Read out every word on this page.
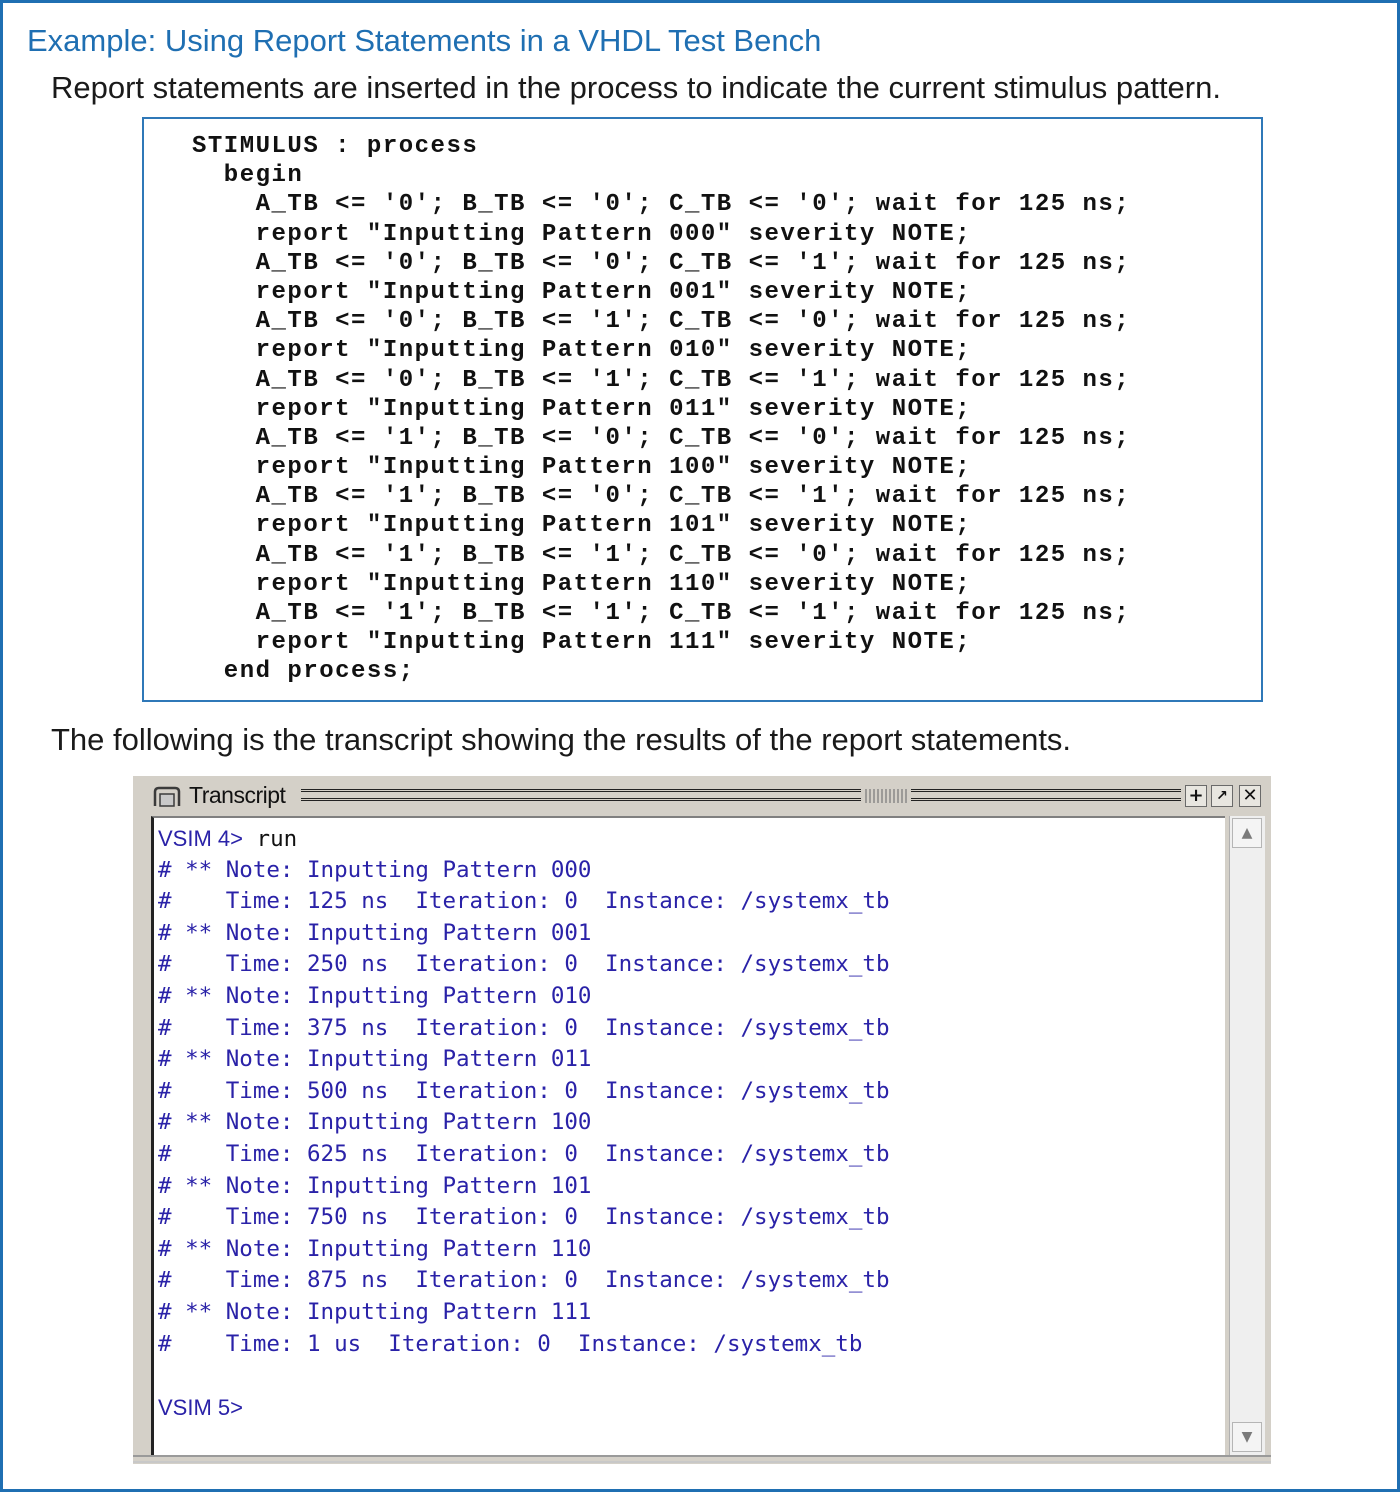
Example: Using Report Statements in a VHDL Test Bench
Report statements are inserted in the process to indicate the current stimulus pattern.
STIMULUS : process
begin
A_TB <= '0'; B_TB <= '0'; C_TB <= '0'; wait for 125 ns;
report "Inputting Pattern 000" severity NOTE;
A_TB <= '0'; B_TB <= '0'; C_TB <= '1'; wait for 125 ns;
report "Inputting Pattern 001" severity NOTE;
A_TB <= '0'; B_TB <= '1'; C_TB <= '0'; wait for 125 ns;
report "Inputting Pattern 010" severity NOTE;
A_TB <= '0'; B_TB <= '1'; C_TB <= '1'; wait for 125 ns;
report "Inputting Pattern 011" severity NOTE;
A_TB <= '1'; B_TB <= '0'; C_TB <= '0'; wait for 125 ns;
report "Inputting Pattern 100" severity NOTE;
A_TB <= '1'; B_TB <= '0'; C_TB <= '1'; wait for 125 ns;
report "Inputting Pattern 101" severity NOTE;
A_TB <= '1'; B_TB <= '1'; C_TB <= '0'; wait for 125 ns;
report "Inputting Pattern 110" severity NOTE;
A_TB <= '1'; B_TB <= '1'; C_TB <= '1'; wait for 125 ns;
report "Inputting Pattern 111" severity NOTE;
end process;
The following is the transcript showing the results of the report statements.
Transcript	+ ↗ ✕
VSIM 4> run
# ** Note: Inputting Pattern 000
#    Time: 125 ns  Iteration: 0  Instance: /systemx_tb
# ** Note: Inputting Pattern 001
#    Time: 250 ns  Iteration: 0  Instance: /systemx_tb
# ** Note: Inputting Pattern 010
#    Time: 375 ns  Iteration: 0  Instance: /systemx_tb
# ** Note: Inputting Pattern 011
#    Time: 500 ns  Iteration: 0  Instance: /systemx_tb
# ** Note: Inputting Pattern 100
#    Time: 625 ns  Iteration: 0  Instance: /systemx_tb
# ** Note: Inputting Pattern 101
#    Time: 750 ns  Iteration: 0  Instance: /systemx_tb
# ** Note: Inputting Pattern 110
#    Time: 875 ns  Iteration: 0  Instance: /systemx_tb
# ** Note: Inputting Pattern 111
#    Time: 1 us  Iteration: 0  Instance: /systemx_tb

VSIM 5>
▲
▼
